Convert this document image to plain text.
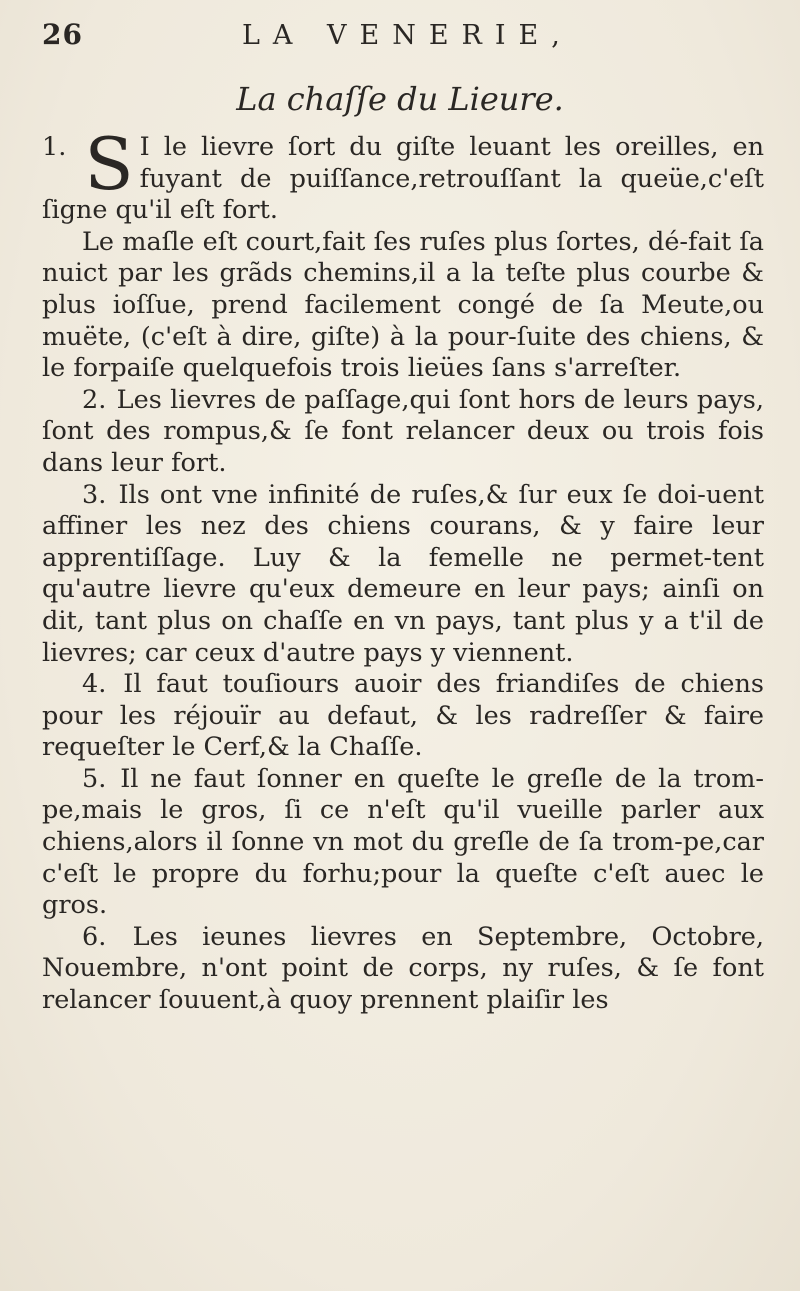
26	LA VENERIE,
La chaſſe du Lieure.

1. S I le lievre ſort du giſte leuant les oreilles, en fuyant de puiſſance,retrouſſant la queüe,c'eſt ſigne qu'il eſt fort.

Le maſle eſt court,fait ſes ruſes plus ſortes, dé-fait ſa nuict par les grãds chemins,il a la teſte plus courbe & plus ioſſue, prend facilement congé de ſa Meute,ou muëte, (c'eſt à dire, giſte) à la pour-ſuite des chiens, & le forpaiſe quelquefois trois lieües ſans s'arreſter.

2. Les lievres de paſſage,qui ſont hors de leurs pays, ſont des rompus,& ſe font relancer deux ou trois fois dans leur fort.

3. Ils ont vne infinité de ruſes,& ſur eux ſe doi-uent affiner les nez des chiens courans, & y faire leur apprentiſſage. Luy & la femelle ne permet-tent qu'autre lievre qu'eux demeure en leur pays; ainſi on dit, tant plus on chaſſe en vn pays, tant plus y a t'il de lievres; car ceux d'autre pays y viennent.

4. Il faut touſiours auoir des friandiſes de chiens pour les réjouïr au defaut, & les radreſſer & faire requeſter le Cerf,& la Chaſſe.

5. Il ne faut ſonner en queſte le greſle de la trom-pe,mais le gros, ſi ce n'eſt qu'il vueille parler aux chiens,alors il ſonne vn mot du greſle de ſa trom-pe,car c'eſt le propre du forhu;pour la queſte c'eſt auec le gros.

6. Les ieunes lievres en Septembre, Octobre, Nouembre, n'ont point de corps, ny ruſes, & ſe font relancer ſouuent,à quoy prennent plaiſir les
